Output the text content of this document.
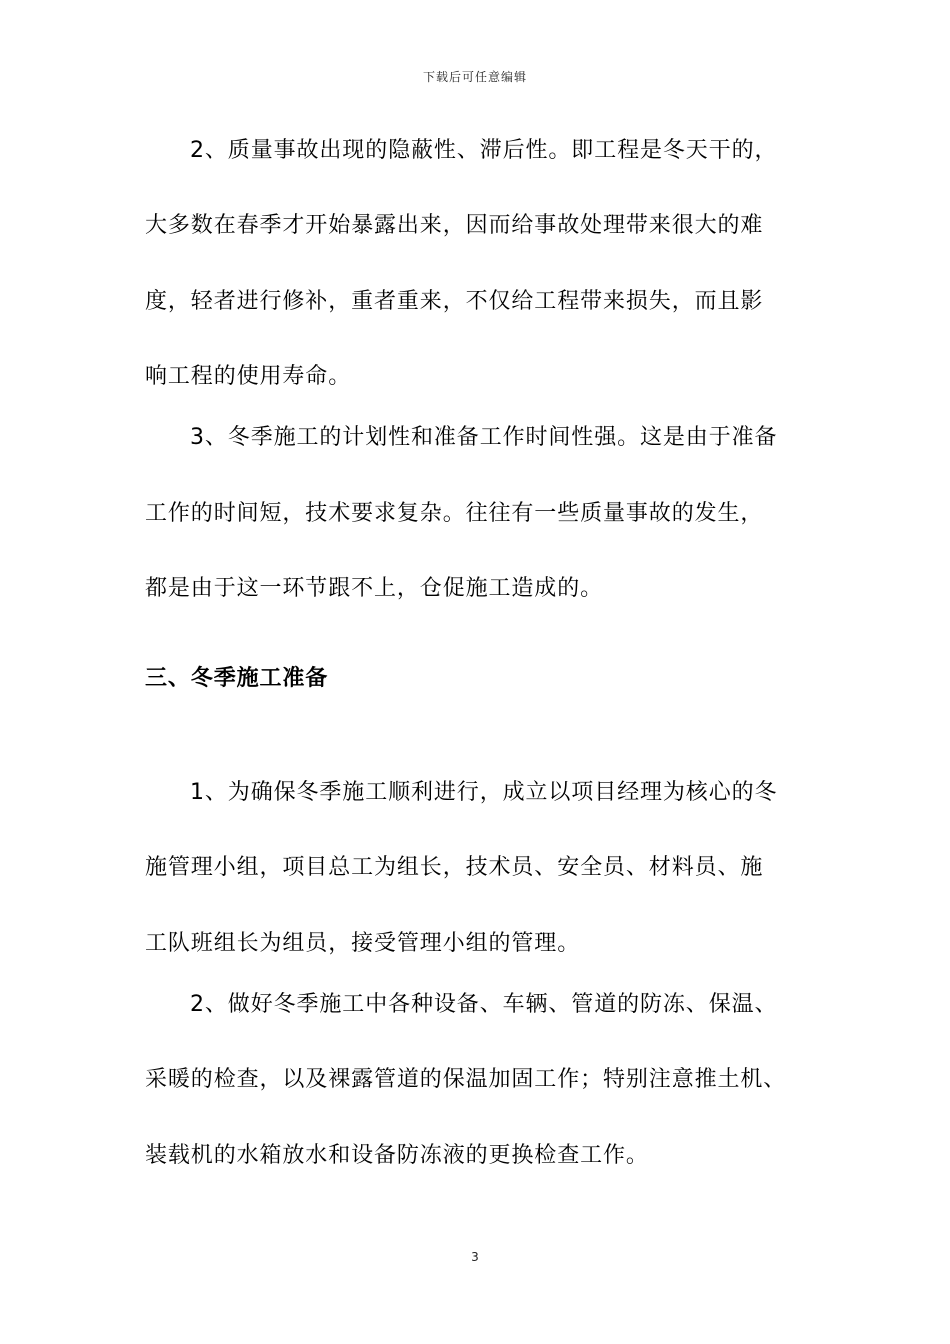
下载后可任意编辑
2、质量事故出现的隐蔽性、滞后性。即工程是冬天干的，
大多数在春季才开始暴露出来，因而给事故处理带来很大的难
度，轻者进行修补，重者重来，不仅给工程带来损失，而且影
响工程的使用寿命。
3、冬季施工的计划性和准备工作时间性强。这是由于准备
工作的时间短，技术要求复杂。往往有一些质量事故的发生，
都是由于这一环节跟不上，仓促施工造成的。
三、冬季施工准备
1、为确保冬季施工顺利进行，成立以项目经理为核心的冬
施管理小组，项目总工为组长，技术员、安全员、材料员、施
工队班组长为组员，接受管理小组的管理。
2、做好冬季施工中各种设备、车辆、管道的防冻、保温、
采暖的检查，以及裸露管道的保温加固工作；特别注意推土机、
装载机的水箱放水和设备防冻液的更换检查工作。
3
